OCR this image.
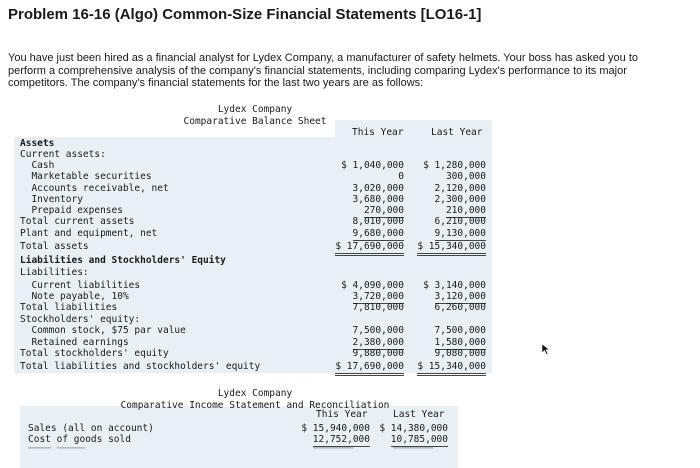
Problem 16-16 (Algo) Common-Size Financial Statements [LO16-1]
You have just been hired as a financial analyst for Lydex Company, a manufacturer of safety helmets. Your boss has asked you to perform a comprehensive analysis of the company's financial statements, including comparing Lydex's performance to its major competitors. The company's financial statements for the last two years are as follows:
Lydex Company
Comparative Balance Sheet
This Year	Last Year
Assets
Current assets:
Cash	$ 1,040,000 $ 1,280,000
Marketable securities	0	300,000
Accounts receivable, net	3,020,000	2,120,000
Inventory	3,680,000	2,300,000
Prepaid expenses	270,000	210,000
Total current assets	8,010,000	6,210,000
Plant and equipment, net	9,680,000	9,130,000
Total assets	$ 17,690,000 $ 15,340,000
Liabilities and Stockholders' Equity
Liabilities:
Current liabilities	$ 4,090,000 $ 3,140,000
Note payable, 10%	3,720,000	3,120,000
Total liabilities	7,810,000	6,260,000
Stockholders' equity:
Common stock, $75 par value	7,500,000	7,500,000
Retained earnings	2,380,000	1,580,000
Total stockholders' equity	9,880,000	9,080,000
Total liabilities and stockholders' equity	$ 17,690,000 $ 15,340,000
Lydex Company
Comparative Income Statement and Reconciliation
This Year	Last Year
Sales (all on account)	$ 15,940,000 $ 14,380,000
Cost of goods sold	12,752,000 10,785,000
━━━━ ━━━━━	━━━━━━━	━━━━━━━
